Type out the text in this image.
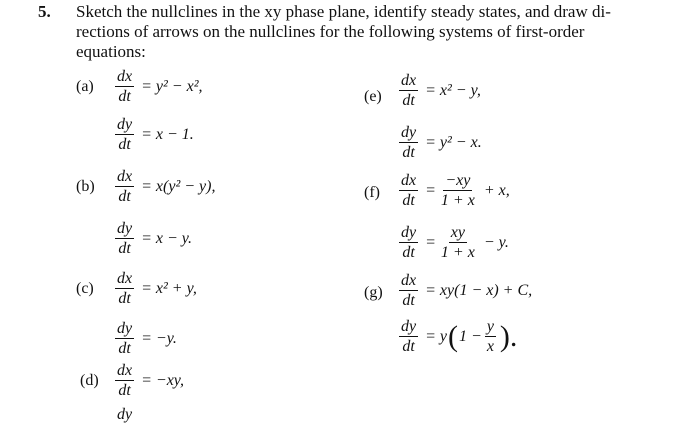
5. Sketch the nullclines in the xy phase plane, identify steady states, and draw di-
rections of arrows on the nullclines for the following systems of first-order
equations:
$(a) \frac{dx}{dt} = y^2 - x^2$,
$\frac{dy}{dt} = x - 1$.
$(b) \frac{dx}{dt} = x(y^2 - y)$,
$\frac{dy}{dt} = x - y$.
$(c) \frac{dx}{dt} = x^2 + y$,
$\frac{dy}{dt} = -y$.
$(d) \frac{dx}{dt} = -xy$,
dy
$(e) \frac{dx}{dt} = x^2 - y$,
$\frac{dy}{dt} = y^2 - x$.
$(f) \frac{dx}{dt} = \frac{-xy}{1 + x} + x$,
$\frac{dy}{dt} = \frac{xy}{1 + x} - y$.
$(g) \frac{dx}{dt} = xy(1 - x) + C$,
$\frac{dy}{dt} = y$ ( $1 - \frac{y}{x}$ ).
